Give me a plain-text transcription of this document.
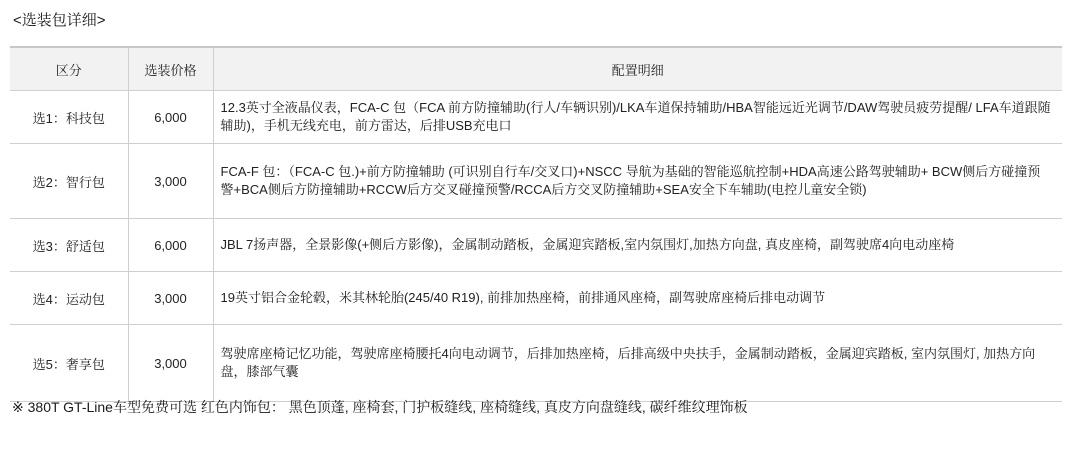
<选装包详细>
区分	选装价格	配置明细
选1：科技包	6,000	12.3英寸全液晶仪表，FCA-C 包（FCA 前方防撞辅助(行人/车辆识别)/LKA车道保持辅助/HBA智能远近光调节/DAW驾驶员疲劳提醒/ LFA车道跟随辅助)，手机无线充电，前方雷达，后排USB充电口
选2：智行包	3,000	FCA-F 包：（FCA-C 包.)+前方防撞辅助 (可识别自行车/交叉口)+NSCC 导航为基础的智能巡航控制+HDA高速公路驾驶辅助+ BCW侧后方碰撞预警+BCA侧后方防撞辅助+RCCW后方交叉碰撞预警/RCCA后方交叉防撞辅助+SEA安全下车辅助(电控儿童安全锁)
选3：舒适包	6,000	JBL 7扬声器，全景影像(+侧后方影像)，金属制动踏板，金属迎宾踏板,室内氛围灯,加热方向盘, 真皮座椅，副驾驶席4向电动座椅
选4：运动包	3,000	19英寸铝合金轮毂，米其林轮胎(245/40 R19), 前排加热座椅，前排通风座椅，副驾驶席座椅后排电动调节
选5：奢享包	3,000	驾驶席座椅记忆功能，驾驶席座椅腰托4向电动调节，后排加热座椅，后排高级中央扶手，金属制动踏板，金属迎宾踏板, 室内氛围灯, 加热方向盘，膝部气囊
※ 380T GT-Line车型免费可选 红色内饰包： 黑色顶蓬, 座椅套, 门护板缝线, 座椅缝线, 真皮方向盘缝线, 碳纤维纹理饰板
